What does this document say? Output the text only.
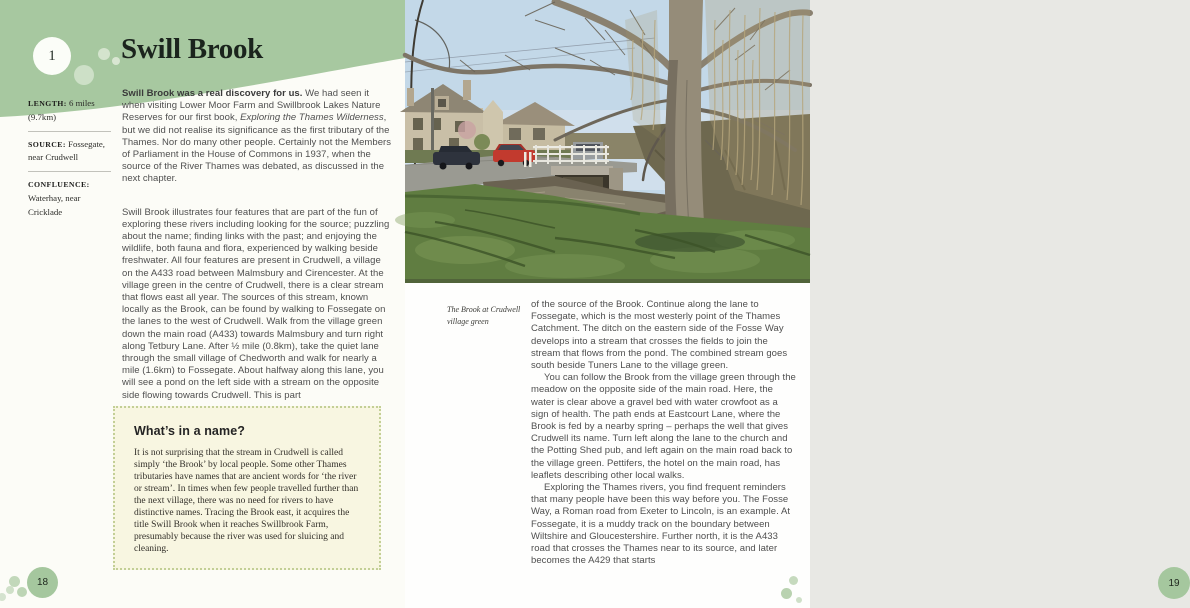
1 Swill Brook

LENGTH: 6 miles (9.7km)

SOURCE: Fossegate, near Crudwell

CONFLUENCE: Waterhay, near Cricklade

Swill Brook was a real discovery for us. We had seen it when visiting Lower Moor Farm and Swillbrook Lakes Nature Reserves for our first book, Exploring the Thames Wilderness, but we did not realise its significance as the first tributary of the Thames. Nor do many other people. Certainly not the Members of Parliament in the House of Commons in 1937, when the source of the River Thames was debated, as discussed in the next chapter.

Swill Brook illustrates four features that are part of the fun of exploring these rivers including looking for the source; puzzling about the name; finding links with the past; and enjoying the wildlife, both fauna and flora, experienced by walking beside freshwater. All four features are present in Crudwell, a village on the A433 road between Malmsbury and Cirencester. At the village green in the centre of Crudwell, there is a clear stream that flows east all year. The sources of this stream, known locally as the Brook, can be found by walking to Fossegate on the lanes to the west of Crudwell. Walk from the village green down the main road (A433) towards Malmsbury and turn right along Tetbury Lane. After ½ mile (0.8km), take the quiet lane through the small village of Chedworth and walk for nearly a mile (1.6km) to Fossegate. About halfway along this lane, you will see a pond on the left side with a stream on the opposite side flowing towards Crudwell. This is part

What’s in a name?

It is not surprising that the stream in Crudwell is called simply ‘the Brook’ by local people. Some other Thames tributaries have names that are ancient words for ‘the river or stream’. In times when few people travelled further than the next village, there was no need for rivers to have distinctive names. Tracing the Brook east, it acquires the title Swill Brook when it reaches Swillbrook Farm, presumably because the river was used for sluicing and cleaning.

18
The Brook at Crudwell village green

of the source of the Brook. Continue along the lane to Fossegate, which is the most westerly point of the Thames Catchment. The ditch on the eastern side of the Fosse Way develops into a stream that crosses the fields to join the stream that flows from the pond. The combined stream goes south beside Tuners Lane to the village green.

You can follow the Brook from the village green through the meadow on the opposite side of the main road. Here, the water is clear above a gravel bed with water crowfoot as a sign of health. The path ends at Eastcourt Lane, where the Brook is fed by a nearby spring – perhaps the well that gives Crudwell its name. Turn left along the lane to the church and the Potting Shed pub, and left again on the main road back to the village green. Pettifers, the hotel on the main road, has leaflets describing other local walks.

Exploring the Thames rivers, you find frequent reminders that many people have been this way before you. The Fosse Way, a Roman road from Exeter to Lincoln, is an example. At Fossegate, it is a muddy track on the boundary between Wiltshire and Gloucestershire. Further north, it is the A433 road that crosses the Thames near to its source, and later becomes the A429 that starts

19
